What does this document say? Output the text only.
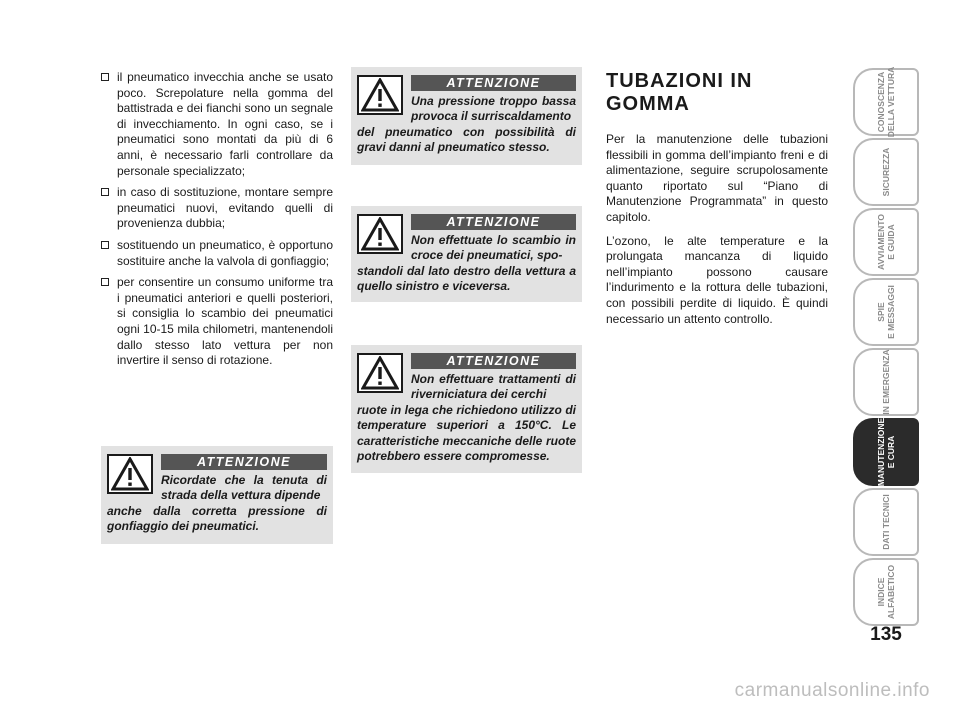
il pneumatico invecchia anche se usato poco. Screpolature nella gomma del battistrada e dei fianchi sono un segnale di invecchiamento. In ogni caso, se i pneumatici sono montati da più di 6 anni, è necessario farli controllare da personale specializzato;

in caso di sostituzione, montare sempre pneumatici nuovi, evitando quelli di provenienza dubbia;

sostituendo un pneumatico, è opportuno sostituire anche la valvola di gonfiaggio;

per consentire un consumo uniforme tra i pneumatici anteriori e quelli posteriori, si consiglia lo scambio dei pneumatici ogni 10-15 mila chilometri, mantenendoli dallo stesso lato vettura per non invertire il senso di rotazione.

ATTENZIONE
Ricordate che la tenuta di strada della vettura dipende
anche dalla corretta pressione di gonfiaggio dei pneumatici.
ATTENZIONE
Una pressione troppo bassa provoca il surriscaldamento
del pneumatico con possibilità di gravi danni al pneumatico stesso.
ATTENZIONE
Non effettuate lo scambio in croce dei pneumatici, spo-
standoli dal lato destro della vettura a quello sinistro e viceversa.
ATTENZIONE
Non effettuare trattamenti di riverniciatura dei cerchi
ruote in lega che richiedono utilizzo di temperature superiori a 150°C. Le caratteristiche meccaniche delle ruote potrebbero essere compromesse.
TUBAZIONI IN
GOMMA

Per la manutenzione delle tubazioni flessibili in gomma dell’impianto freni e di alimentazione, seguire scrupolosamente quanto riportato sul “Piano di Manutenzione Programmata” in questo capitolo.

L’ozono, le alte temperature e la prolungata mancanza di liquido nell’impianto possono causare l’indurimento e la rottura delle tubazioni, con possibili perdite di liquido. È quindi necessario un attento controllo.

CONOSCENZA
DELLA VETTURA
SICUREZZA
AVVIAMENTO
E GUIDA
SPIE
E MESSAGGI
IN EMERGENZA
MANUTENZIONE
E CURA
DATI TECNICI
INDICE
ALFABETICO
135
carmanualsonline.info
